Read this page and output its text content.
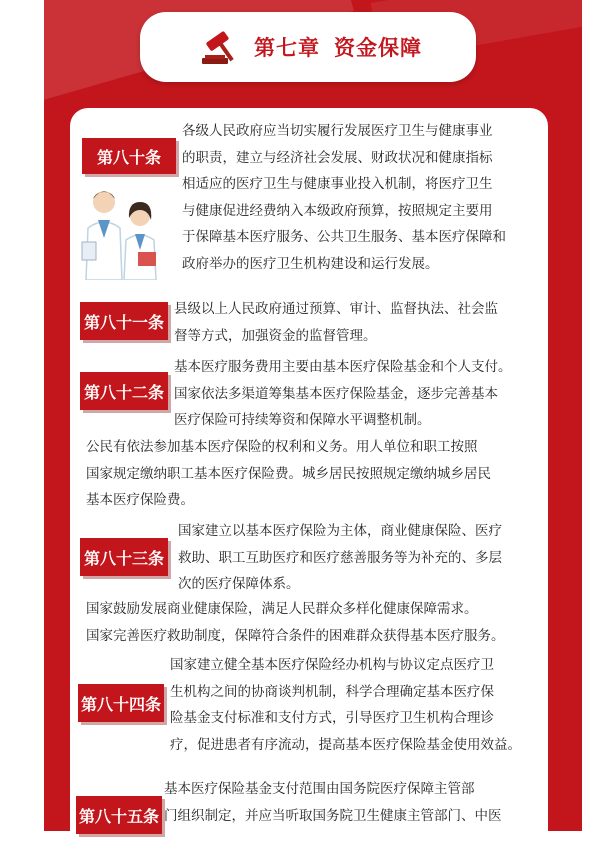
第七章 资金保障
第八十条
各级人民政府应当切实履行发展医疗卫生与健康事业
的职责，建立与经济社会发展、财政状况和健康指标
相适应的医疗卫生与健康事业投入机制，将医疗卫生
与健康促进经费纳入本级政府预算，按照规定主要用
于保障基本医疗服务、公共卫生服务、基本医疗保障和
政府举办的医疗卫生机构建设和运行发展。
第八十一条
县级以上人民政府通过预算、审计、监督执法、社会监
督等方式，加强资金的监督管理。
第八十二条
基本医疗服务费用主要由基本医疗保险基金和个人支付。
国家依法多渠道筹集基本医疗保险基金，逐步完善基本
医疗保险可持续筹资和保障水平调整机制。
公民有依法参加基本医疗保险的权利和义务。用人单位和职工按照
国家规定缴纳职工基本医疗保险费。城乡居民按照规定缴纳城乡居民
基本医疗保险费。
第八十三条
国家建立以基本医疗保险为主体，商业健康保险、医疗
救助、职工互助医疗和医疗慈善服务等为补充的、多层
次的医疗保障体系。
国家鼓励发展商业健康保险，满足人民群众多样化健康保障需求。
国家完善医疗救助制度，保障符合条件的困难群众获得基本医疗服务。
第八十四条
国家建立健全基本医疗保险经办机构与协议定点医疗卫
生机构之间的协商谈判机制，科学合理确定基本医疗保
险基金支付标准和支付方式，引导医疗卫生机构合理诊
疗，促进患者有序流动，提高基本医疗保险基金使用效益。
第八十五条
基本医疗保险基金支付范围由国务院医疗保障主管部
门组织制定，并应当听取国务院卫生健康主管部门、中医
